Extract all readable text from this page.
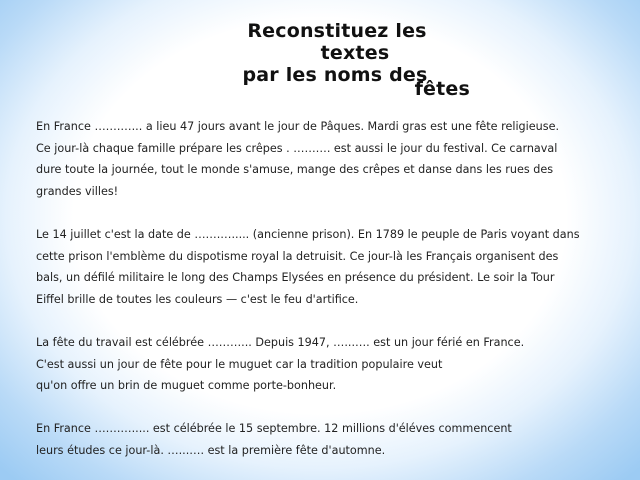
Reconstituez les
textes
par les noms des
fêtes

En France …….…... a lieu 47 jours avant le jour de Pâques. Mardi gras est une fête religieuse.

Ce jour-là chaque famille prépare les crêpes . ………. est aussi le jour du festival. Ce carnaval

dure toute la journée, tout le monde s'amuse, mange des crêpes et danse dans les rues des

grandes villes!

Le 14 juillet c'est la date de …….…..... (ancienne prison). En 1789 le peuple de Paris voyant dans

cette prison l'emblème du dispotisme royal la detruisit. Ce jour-là les Français organisent des

bals, un défilé militaire le long des Champs Elysées en présence du président. Le soir la Tour

Eiffel brille de toutes les couleurs — c'est le feu d'artifice.

La fête du travail est célébrée ………... Depuis 1947, …...…. est un jour férié en France.

C'est aussi un jour de fête pour le muguet car la tradition populaire veut

qu'on offre un brin de muguet comme porte-bonheur.

En France …….…..... est célébrée le 15 septembre. 12 millions d'éléves commencent

leurs études ce jour-là. …...…. est la première fête d'automne.
